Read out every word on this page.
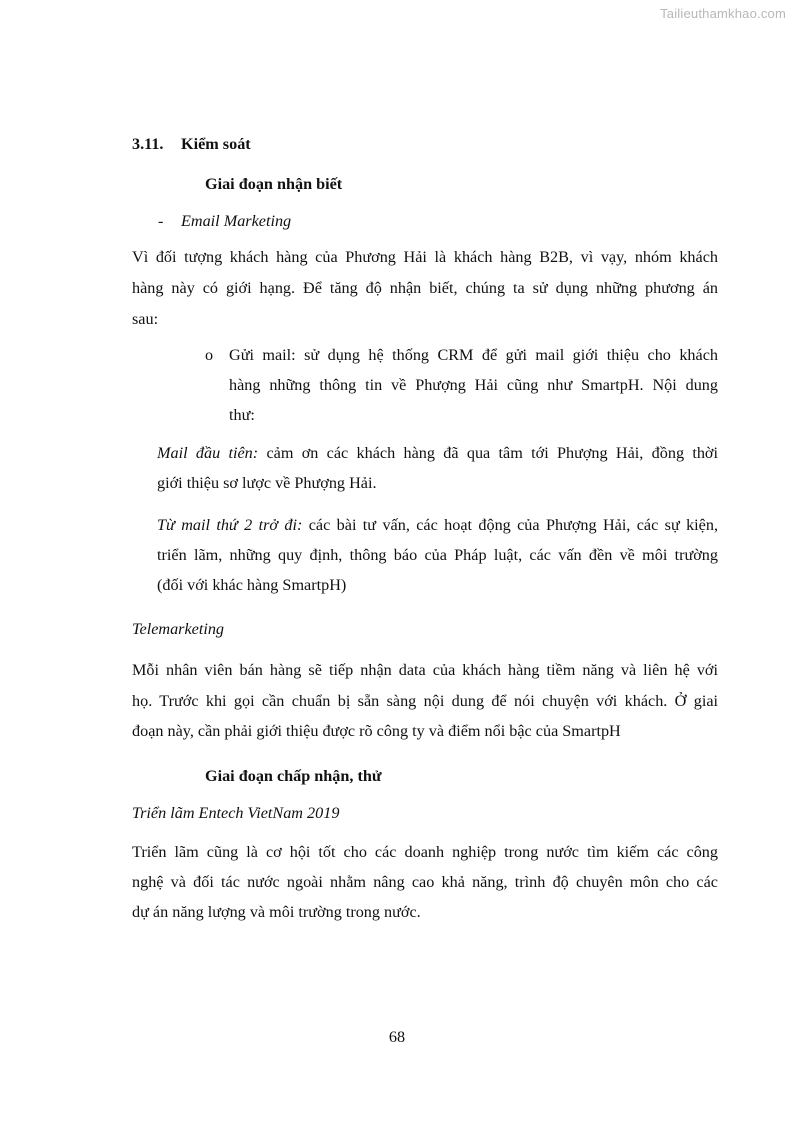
Tailieuthamkhao.com
3.11. Kiểm soát
Giai đoạn nhận biết
- Email Marketing
Vì đối tượng khách hàng của Phương Hải là khách hàng B2B, vì vạy, nhóm khách
hàng này có giới hạng. Để tăng độ nhận biết, chúng ta sử dụng những phương án
sau:
o Gửi mail: sử dụng hệ thống CRM để gửi mail giới thiệu cho khách
hàng những thông tin về Phượng Hải cũng như SmartpH. Nội dung
thư:
Mail đầu tiên: cảm ơn các khách hàng đã qua tâm tới Phượng Hải, đồng thời
giới thiệu sơ lược về Phượng Hải.
Từ mail thứ 2 trở đi: các bài tư vấn, các hoạt động của Phượng Hải, các sự kiện,
triển lãm, những quy định, thông báo của Pháp luật, các vấn đền về môi trường
(đối với khác hàng SmartpH)
Telemarketing
Mỗi nhân viên bán hàng sẽ tiếp nhận data của khách hàng tiềm năng và liên hệ với
họ. Trước khi gọi cần chuẩn bị sẵn sàng nội dung để nói chuyện với khách. Ở giai
đoạn này, cần phải giới thiệu được rõ công ty và điểm nổi bậc của SmartpH
Giai đoạn chấp nhận, thử
Triển lãm Entech VietNam 2019
Triển lãm cũng là cơ hội tốt cho các doanh nghiệp trong nước tìm kiếm các công
nghệ và đối tác nước ngoài nhằm nâng cao khả năng, trình độ chuyên môn cho các
dự án năng lượng và môi trường trong nước.
68
